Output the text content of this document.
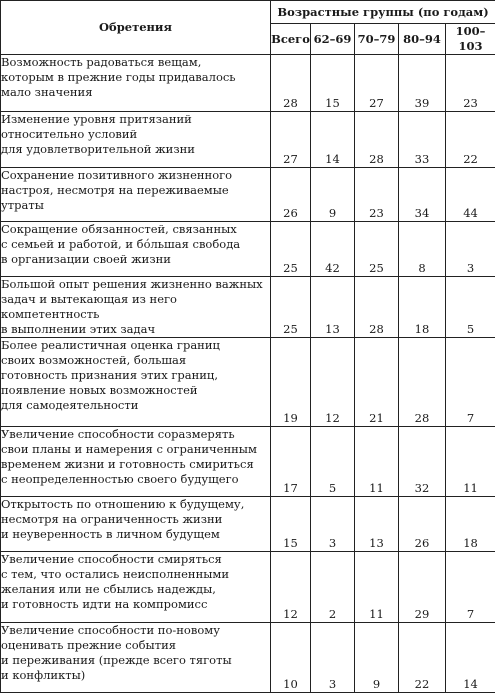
Обретения	Возрастные группы (по годам)				
	Всего	62–69	70–79	80–94	100–103
Возможность радоваться вещам,
которым в прежние годы придавалось
мало значения	28	15	27	39	23
Изменение уровня притязаний
относительно условий
для удовлетворительной жизни	27	14	28	33	22
Сохранение позитивного жизненного
настроя, несмотря на переживаемые
утраты	26	9	23	34	44
Сокращение обязанностей, связанных
с семьей и работой, и бóльшая свобода
в организации своей жизни	25	42	25	8	3
Большой опыт решения жизненно важных
задач и вытекающая из него компетентность
в выполнении этих задач	25	13	28	18	5
Более реалистичная оценка границ
своих возможностей, большая
готовность признания этих границ,
появление новых возможностей
для самодеятельности	19	12	21	28	7
Увеличение способности соразмерять
свои планы и намерения с ограниченным
временем жизни и готовность смириться
с неопределенностью своего будущего	17	5	11	32	11
Открытость по отношению к будущему,
несмотря на ограниченность жизни
и неуверенность в личном будущем	15	3	13	26	18
Увеличение способности смиряться
с тем, что остались неисполненными
желания или не сбылись надежды,
и готовность идти на компромисс	12	2	11	29	7
Увеличение способности по-новому
оценивать прежние события
и переживания (прежде всего тяготы
и конфликты)	10	3	9	22	14
